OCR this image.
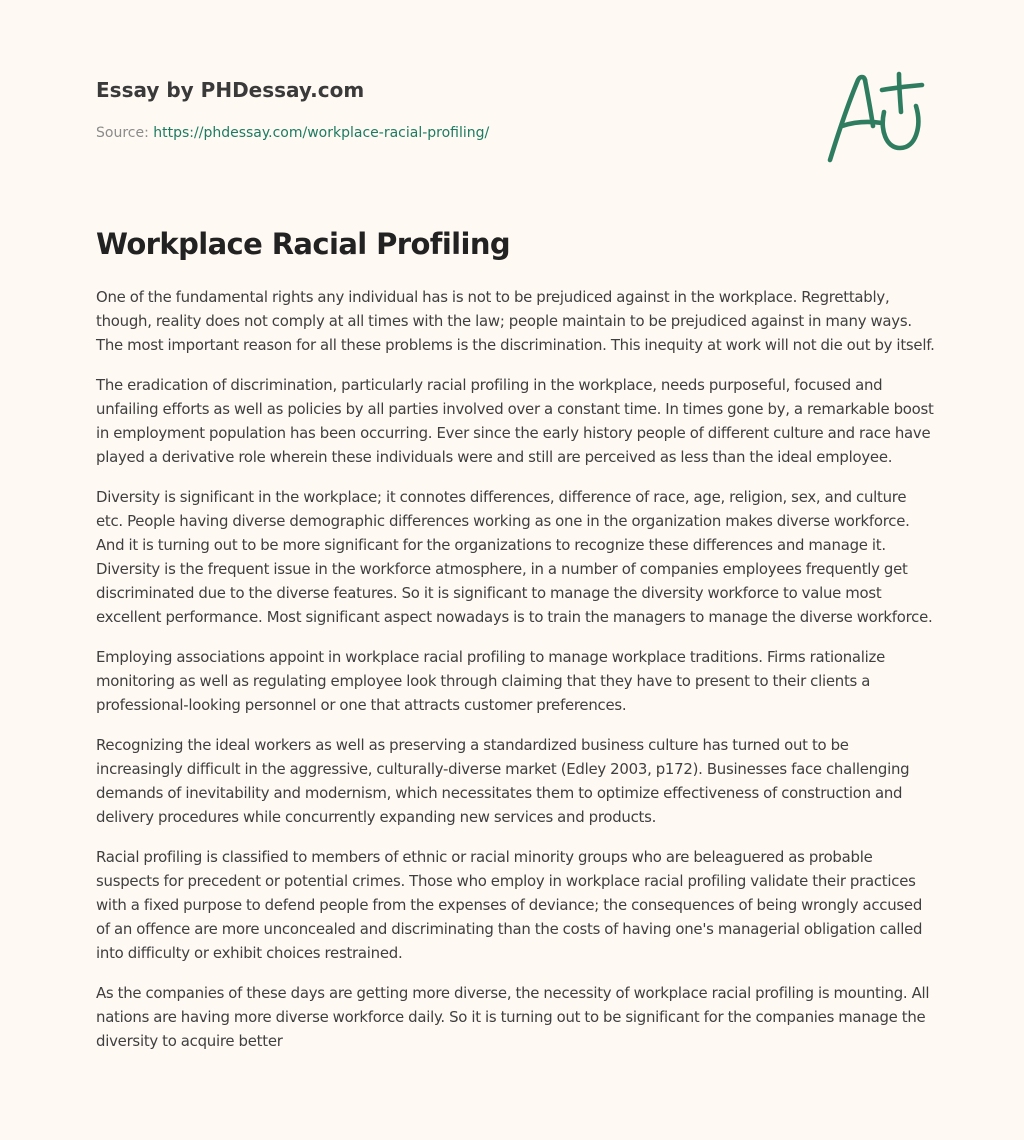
Essay by PHDessay.com

Source: https://phdessay.com/workplace-racial-profiling/
Workplace Racial Profiling

One of the fundamental rights any individual has is not to be prejudiced against in the workplace. Regrettably, though, reality does not comply at all times with the law; people maintain to be prejudiced against in many ways. The most important reason for all these problems is the discrimination. This inequity at work will not die out by itself.

The eradication of discrimination, particularly racial profiling in the workplace, needs purposeful, focused and unfailing efforts as well as policies by all parties involved over a constant time. In times gone by, a remarkable boost in employment population has been occurring. Ever since the early history people of different culture and race have played a derivative role wherein these individuals were and still are perceived as less than the ideal employee.

Diversity is significant in the workplace; it connotes differences, difference of race, age, religion, sex, and culture etc. People having diverse demographic differences working as one in the organization makes diverse workforce. And it is turning out to be more significant for the organizations to recognize these differences and manage it. Diversity is the frequent issue in the workforce atmosphere, in a number of companies employees frequently get discriminated due to the diverse features. So it is significant to manage the diversity workforce to value most excellent performance. Most significant aspect nowadays is to train the managers to manage the diverse workforce.

Employing associations appoint in workplace racial profiling to manage workplace traditions. Firms rationalize monitoring as well as regulating employee look through claiming that they have to present to their clients a professional-looking personnel or one that attracts customer preferences.

Recognizing the ideal workers as well as preserving a standardized business culture has turned out to be increasingly difficult in the aggressive, culturally-diverse market (Edley 2003, p172). Businesses face challenging demands of inevitability and modernism, which necessitates them to optimize effectiveness of construction and delivery procedures while concurrently expanding new services and products.

Racial profiling is classified to members of ethnic or racial minority groups who are beleaguered as probable suspects for precedent or potential crimes. Those who employ in workplace racial profiling validate their practices with a fixed purpose to defend people from the expenses of deviance; the consequences of being wrongly accused of an offence are more unconcealed and discriminating than the costs of having one's managerial obligation called into difficulty or exhibit choices restrained.

As the companies of these days are getting more diverse, the necessity of workplace racial profiling is mounting. All nations are having more diverse workforce daily. So it is turning out to be significant for the companies manage the diversity to acquire better
